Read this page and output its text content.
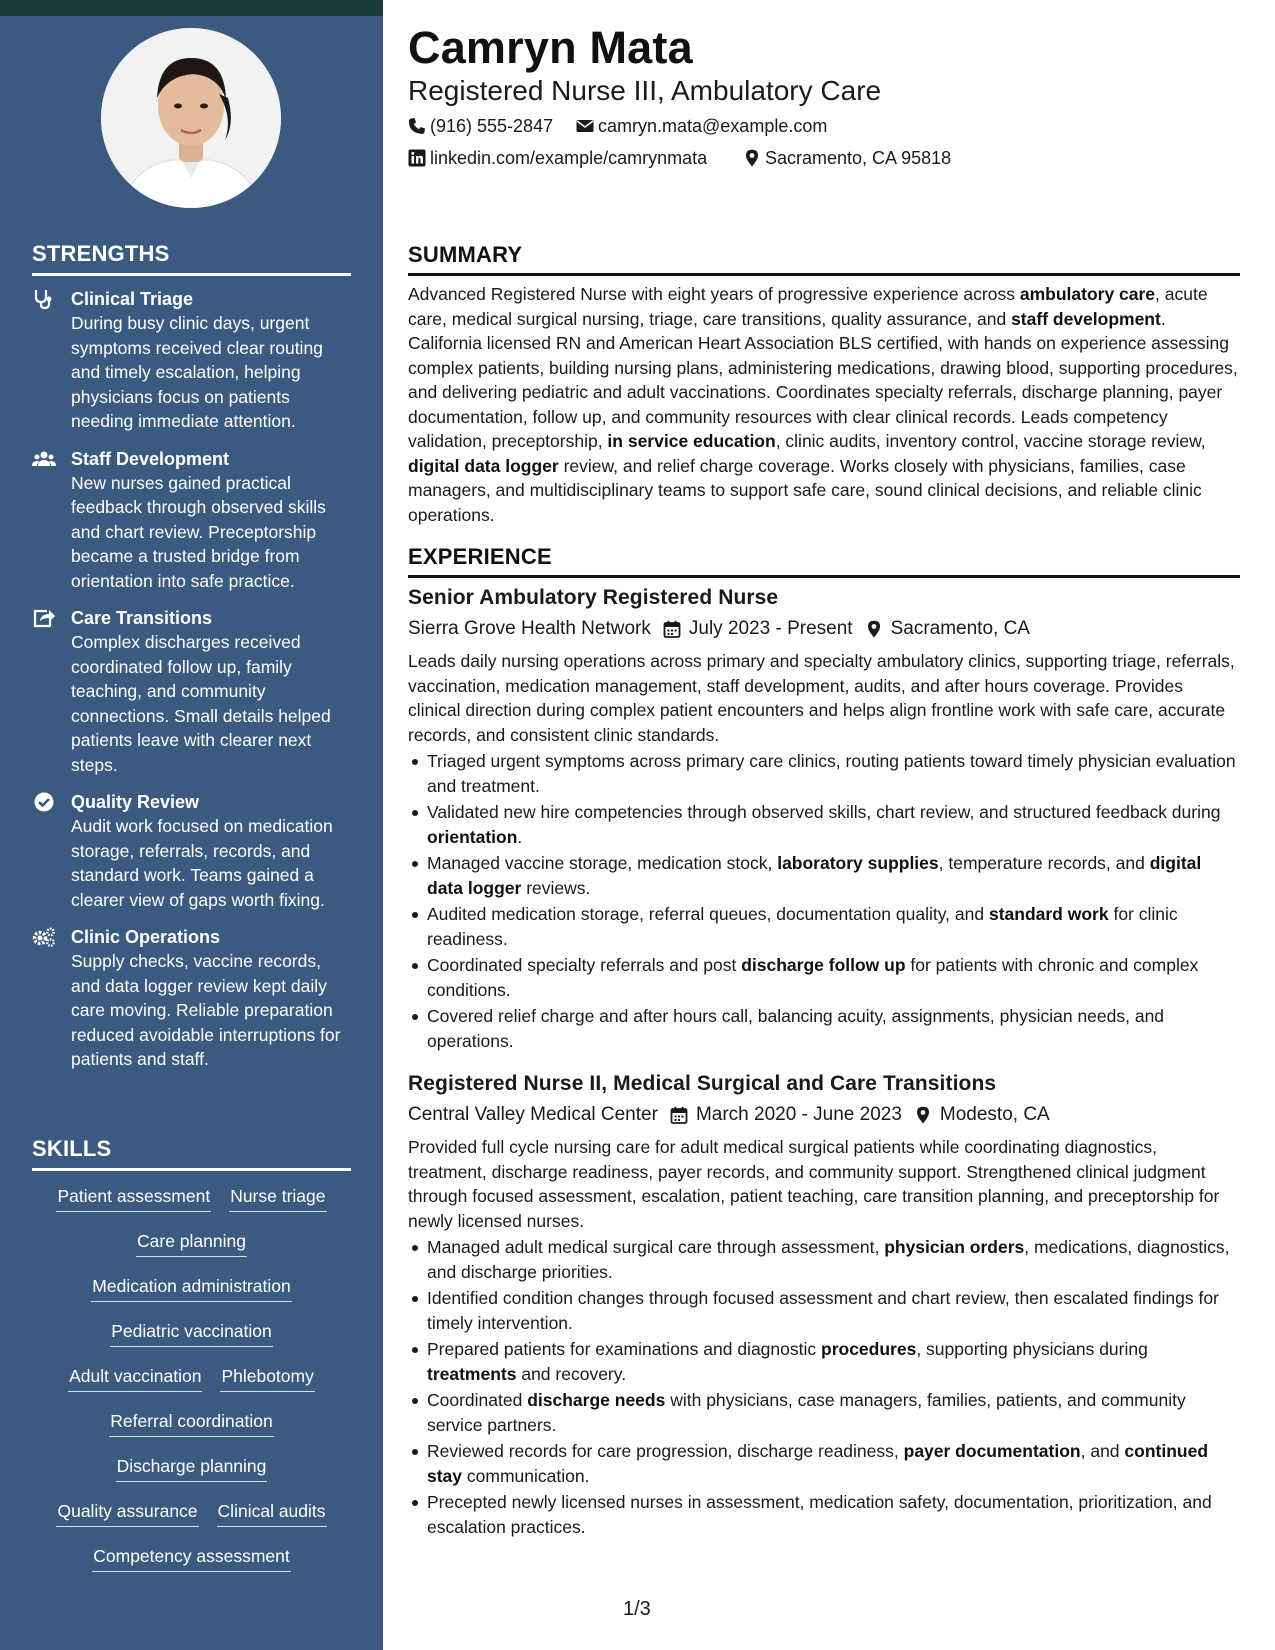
STRENGTHS
Clinical Triage
During busy clinic days, urgent symptoms received clear routing and timely escalation, helping physicians focus on patients needing immediate attention.
Staff Development
New nurses gained practical feedback through observed skills and chart review. Preceptorship became a trusted bridge from orientation into safe practice.
Care Transitions
Complex discharges received coordinated follow up, family teaching, and community connections. Small details helped patients leave with clearer next steps.
Quality Review
Audit work focused on medication storage, referrals, records, and standard work. Teams gained a clearer view of gaps worth fixing.
Clinic Operations
Supply checks, vaccine records, and data logger review kept daily care moving. Reliable preparation reduced avoidable interruptions for patients and staff.
SKILLS
Patient assessment Nurse triage
Care planning
Medication administration
Pediatric vaccination
Adult vaccination Phlebotomy
Referral coordination
Discharge planning
Quality assurance Clinical audits
Competency assessment
Camryn Mata
Registered Nurse III, Ambulatory Care
(916) 555-2847 camryn.mata@example.com
linkedin.com/example/camrynmata	Sacramento, CA 95818
SUMMARY

Advanced Registered Nurse with eight years of progressive experience across ambulatory care, acute care, medical surgical nursing, triage, care transitions, quality assurance, and staff development. California licensed RN and American Heart Association BLS certified, with hands on experience assessing complex patients, building nursing plans, administering medications, drawing blood, supporting procedures, and delivering pediatric and adult vaccinations. Coordinates specialty referrals, discharge planning, payer documentation, follow up, and community resources with clear clinical records. Leads competency validation, preceptorship, in service education, clinic audits, inventory control, vaccine storage review, digital data logger review, and relief charge coverage. Works closely with physicians, families, case managers, and multidisciplinary teams to support safe care, sound clinical decisions, and reliable clinic operations.

EXPERIENCE
Senior Ambulatory Registered Nurse
Sierra Grove Health Network July 2023 - Present Sacramento, CA

Leads daily nursing operations across primary and specialty ambulatory clinics, supporting triage, referrals, vaccination, medication management, staff development, audits, and after hours coverage. Provides clinical direction during complex patient encounters and helps align frontline work with safe care, accurate records, and consistent clinic standards.

Triaged urgent symptoms across primary care clinics, routing patients toward timely physician evaluation and treatment.
Validated new hire competencies through observed skills, chart review, and structured feedback during orientation.
Managed vaccine storage, medication stock, laboratory supplies, temperature records, and digital data logger reviews.
Audited medication storage, referral queues, documentation quality, and standard work for clinic readiness.
Coordinated specialty referrals and post discharge follow up for patients with chronic and complex conditions.
Covered relief charge and after hours call, balancing acuity, assignments, physician needs, and operations.
Registered Nurse II, Medical Surgical and Care Transitions
Central Valley Medical Center March 2020 - June 2023 Modesto, CA

Provided full cycle nursing care for adult medical surgical patients while coordinating diagnostics, treatment, discharge readiness, payer records, and community support. Strengthened clinical judgment through focused assessment, escalation, patient teaching, care transition planning, and preceptorship for newly licensed nurses.

Managed adult medical surgical care through assessment, physician orders, medications, diagnostics, and discharge priorities.
Identified condition changes through focused assessment and chart review, then escalated findings for timely intervention.
Prepared patients for examinations and diagnostic procedures, supporting physicians during treatments and recovery.
Coordinated discharge needs with physicians, case managers, families, patients, and community service partners.
Reviewed records for care progression, discharge readiness, payer documentation, and continued stay communication.
Precepted newly licensed nurses in assessment, medication safety, documentation, prioritization, and escalation practices.
1/3
